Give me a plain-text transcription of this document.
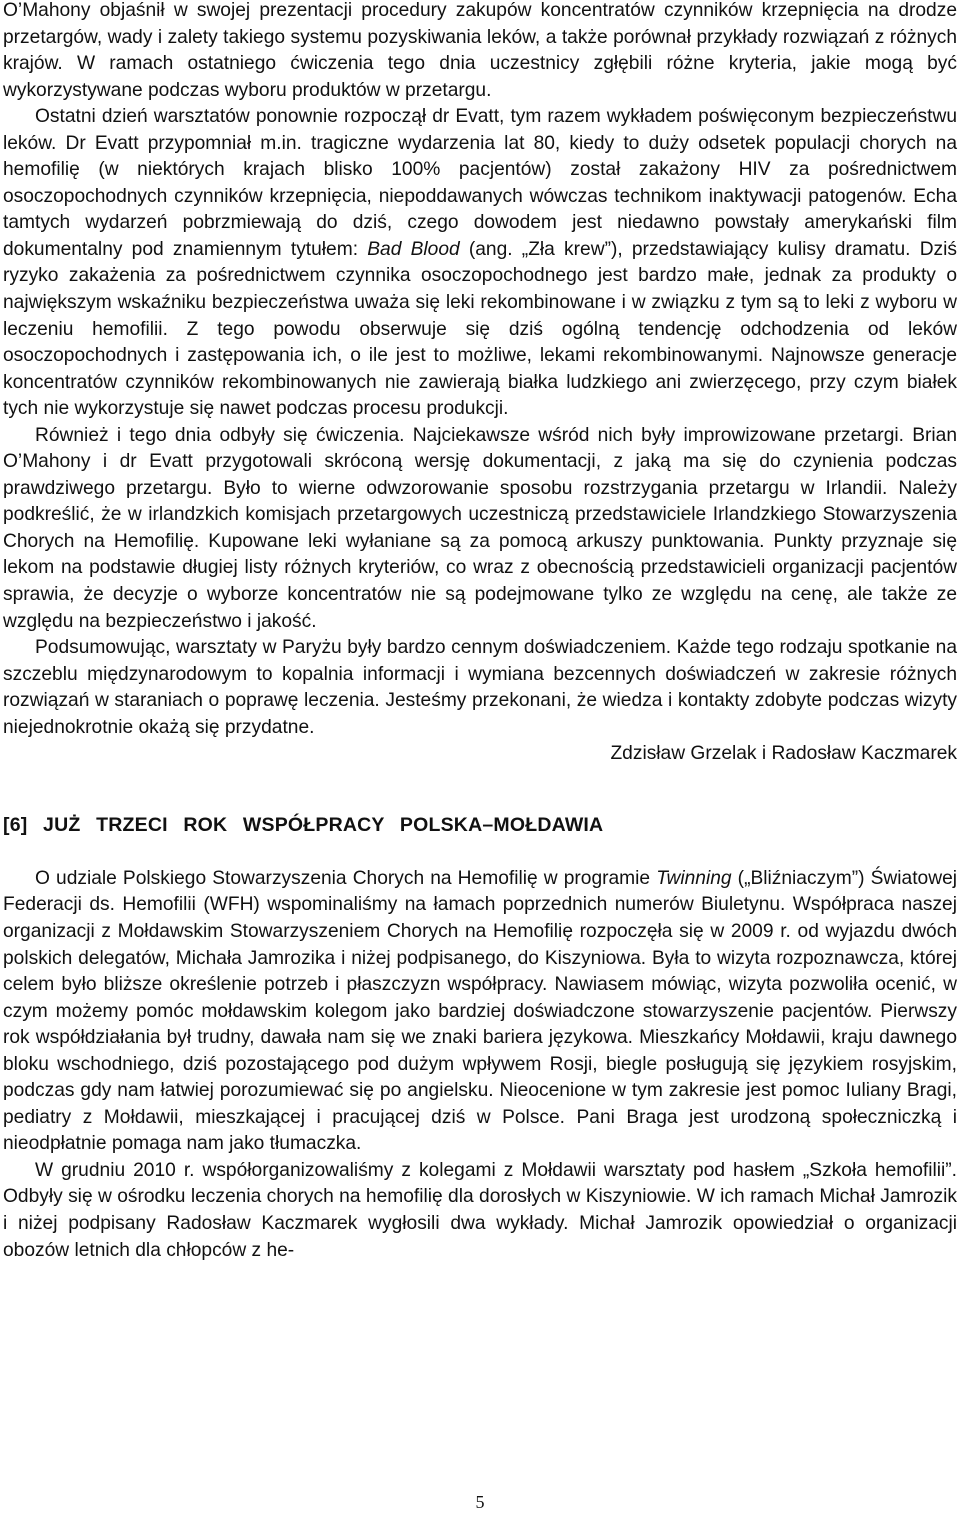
O’Mahony objaśnił w swojej prezentacji procedury zakupów koncentratów czynników krzepnięcia na drodze przetargów, wady i zalety takiego systemu pozyskiwania leków, a także porównał przykłady rozwiązań z różnych krajów. W ramach ostatniego ćwiczenia tego dnia uczestnicy zgłębili różne kryteria, jakie mogą być wykorzystywane podczas wyboru produktów w przetargu.

Ostatni dzień warsztatów ponownie rozpoczął dr Evatt, tym razem wykładem poświęconym bezpieczeństwu leków. Dr Evatt przypomniał m.in. tragiczne wydarzenia lat 80, kiedy to duży odsetek populacji chorych na hemofilię (w niektórych krajach blisko 100% pacjentów) został zakażony HIV za pośrednictwem osoczopochodnych czynników krzepnięcia, niepoddawanych wówczas technikom inaktywacji patogenów. Echa tamtych wydarzeń pobrzmiewają do dziś, czego dowodem jest niedawno powstały amerykański film dokumentalny pod znamiennym tytułem: Bad Blood (ang. „Zła krew”), przedstawiający kulisy dramatu. Dziś ryzyko zakażenia za pośrednictwem czynnika osoczopochodnego jest bardzo małe, jednak za produkty o największym wskaźniku bezpieczeństwa uważa się leki rekombinowane i w związku z tym są to leki z wyboru w leczeniu hemofilii. Z tego powodu obserwuje się dziś ogólną tendencję odchodzenia od leków osoczopochodnych i zastępowania ich, o ile jest to możliwe, lekami rekombinowanymi. Najnowsze generacje koncentratów czynników rekombinowanych nie zawierają białka ludzkiego ani zwierzęcego, przy czym białek tych nie wykorzystuje się nawet podczas procesu produkcji.

Również i tego dnia odbyły się ćwiczenia. Najciekawsze wśród nich były improwizowane przetargi. Brian O’Mahony i dr Evatt przygotowali skróconą wersję dokumentacji, z jaką ma się do czynienia podczas prawdziwego przetargu. Było to wierne odwzorowanie sposobu rozstrzygania przetargu w Irlandii. Należy podkreślić, że w irlandzkich komisjach przetargowych uczestniczą przedstawiciele Irlandzkiego Stowarzyszenia Chorych na Hemofilię. Kupowane leki wyłaniane są za pomocą arkuszy punktowania. Punkty przyznaje się lekom na podstawie długiej listy różnych kryteriów, co wraz z obecnością przedstawicieli organizacji pacjentów sprawia, że decyzje o wyborze koncentratów nie są podejmowane tylko ze względu na cenę, ale także ze względu na bezpieczeństwo i jakość.

Podsumowując, warsztaty w Paryżu były bardzo cennym doświadczeniem. Każde tego rodzaju spotkanie na szczeblu międzynarodowym to kopalnia informacji i wymiana bezcennych doświadczeń w zakresie różnych rozwiązań w staraniach o poprawę leczenia. Jesteśmy przekonani, że wiedza i kontakty zdobyte podczas wizyty niejednokrotnie okażą się przydatne.

Zdzisław Grzelak i Radosław Kaczmarek

[6] JUŻ TRZECI ROK WSPÓŁPRACY POLSKA–MOŁDAWIA

O udziale Polskiego Stowarzyszenia Chorych na Hemofilię w programie Twinning („Bliźniaczym”) Światowej Federacji ds. Hemofilii (WFH) wspominaliśmy na łamach poprzednich numerów Biuletynu. Współpraca naszej organizacji z Mołdawskim Stowarzyszeniem Chorych na Hemofilię rozpoczęła się w 2009 r. od wyjazdu dwóch polskich delegatów, Michała Jamrozika i niżej podpisanego, do Kiszyniowa. Była to wizyta rozpoznawcza, której celem było bliższe określenie potrzeb i płaszczyzn współpracy. Nawiasem mówiąc, wizyta pozwoliła ocenić, w czym możemy pomóc mołdawskim kolegom jako bardziej doświadczone stowarzyszenie pacjentów. Pierwszy rok współdziałania był trudny, dawała nam się we znaki bariera językowa. Mieszkańcy Mołdawii, kraju dawnego bloku wschodniego, dziś pozostającego pod dużym wpływem Rosji, biegle posługują się językiem rosyjskim, podczas gdy nam łatwiej porozumiewać się po angielsku. Nieocenione w tym zakresie jest pomoc Iuliany Bragi, pediatry z Mołdawii, mieszkającej i pracującej dziś w Polsce. Pani Braga jest urodzoną społeczniczką i nieodpłatnie pomaga nam jako tłumaczka.

W grudniu 2010 r. współorganizowaliśmy z kolegami z Mołdawii warsztaty pod hasłem „Szkoła hemofilii”. Odbyły się w ośrodku leczenia chorych na hemofilię dla dorosłych w Kiszyniowie. W ich ramach Michał Jamrozik i niżej podpisany Radosław Kaczmarek wygłosili dwa wykłady. Michał Jamrozik opowiedział o organizacji obozów letnich dla chłopców z he-

5
